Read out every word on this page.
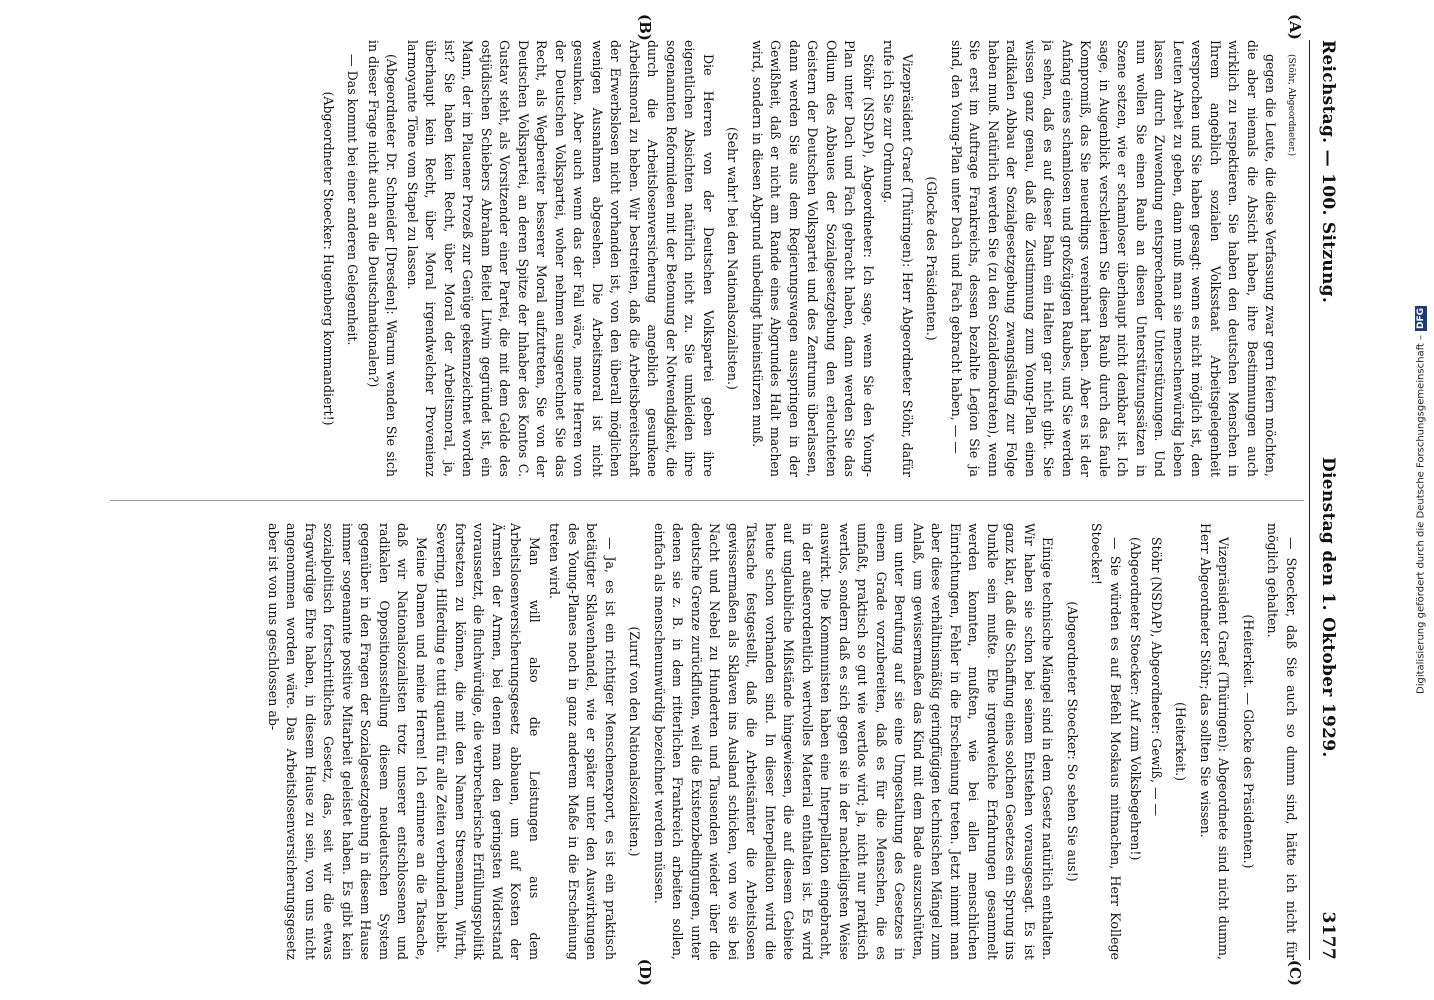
Reichstag. — 100. Sitzung.
Dienstag den 1. Oktober 1929.
3177
(A)
(B)
(C)
(D)

(Stöhr, Abgeordneter.)

gegen die Leute, die diese Verfassung zwar gern feiern möchten, die aber niemals die Absicht haben, ihre Bestimmungen auch wirklich zu respektieren. Sie haben den deutschen Menschen in Ihrem angeblich sozialen Volksstaat Arbeitsgelegenheit versprochen und Sie haben gesagt: wenn es nicht möglich ist, den Leuten Arbeit zu geben, dann muß man sie menschenwürdig leben lassen durch Zuwendung entsprechender Unterstützungen. Und nun wollen Sie einen Raub an diesen Unterstützungssätzen in Szene setzen, wie er schamloser überhaupt nicht denkbar ist. Ich sage, in Augenblick verschleiern Sie diesen Raub durch das faule Kompromiß, das Sie neuerdings vereinbart haben. Aber es ist der Anfang eines schamlosen und großzügigen Raubes, und Sie werden ja sehen, daß es auf dieser Bahn ein Halten gar nicht gibt. Sie wissen ganz genau, daß die Zustimmung zum Young-Plan einen radikalen Abbau der Sozialgesetzgebung zwangsläufig zur Folge haben muß. Natürlich werden Sie (zu den Sozialdemokraten), wenn Sie erst im Auftrage Frankreichs, dessen bezahlte Legion Sie ja sind, den Young-Plan unter Dach und Fach gebracht haben, — —

(Glocke des Präsidenten.)

Vizepräsident Graef (Thüringen): Herr Abgeordneter Stöhr, dafür rufe ich Sie zur Ordnung.

Stöhr (NSDAP), Abgeordneter: Ich sage, wenn Sie den Young-Plan unter Dach und Fach gebracht haben, dann werden Sie das Odium des Abbaues der Sozialgesetzgebung den erleuchteten Geistern der Deutschen Volkspartei und des Zentrums überlassen, dann werden Sie aus dem Regierungswagen ausspringen in der Gewißheit, daß er nicht am Rande eines Abgrundes Halt machen wird, sondern in diesen Abgrund unbedingt hineinstürzen muß.

(Sehr wahr! bei den Nationalsozialisten.)

Die Herren von der Deutschen Volkspartei geben ihre eigentlichen Absichten natürlich nicht zu. Sie umkleiden ihre sogenannten Reformideen mit der Betonung der Notwendigkeit, die durch die Arbeitslosenversicherung angeblich gesunkene Arbeitsmoral zu heben. Wir bestreiten, daß die Arbeitsbereitschaft der Erwerbslosen nicht vorhanden ist, von den überall möglichen wenigen Ausnahmen abgesehen. Die Arbeitsmoral ist nicht gesunken. Aber auch wenn das der Fall wäre, meine Herren von der Deutschen Volkspartei, woher nehmen ausgerechnet Sie das Recht, als Wegbereiter besserer Moral aufzutreten, Sie von der Deutschen Volkspartei, an deren Spitze der Inhaber des Kontos C. Gustav steht, als Vorsitzender einer Partei, die mit dem Gelde des ostjüdischen Schiebers Abraham Beitel Litwin gegründet ist, ein Mann, der im Plauener Prozeß zur Genüge gekennzeichnet worden ist? Sie haben kein Recht, über Moral der Arbeitsmoral, ja, überhaupt kein Recht, über Moral irgendwelcher Provenienz larmoyante Töne vom Stapel zu lassen.

(Abgeordneter Dr. Schneider [Dresden]: Warum wenden Sie sich in dieser Frage nicht auch an die Deutschnationalen?)

— Das kommt bei einer anderen Gelegenheit.

(Abgeordneter Stoecker: Hugenberg kommandiert!)

— Stoecker, daß Sie auch so dumm sind, hätte ich nicht für möglich gehalten.

(Heiterkeit. — Glocke des Präsidenten.)

Vizepräsident Graef (Thüringen): Abgeordnete sind nicht dumm, Herr Abgeordneter Stöhr; das sollten Sie wissen.

(Heiterkeit.)

Stöhr (NSDAP), Abgeordneter: Gewiß, — —

(Abgeordneter Stoecker: Auf zum Volksbegehren!)

— Sie würden es auf Befehl Moskaus mitmachen, Herr Kollege Stoecker!

(Abgeordneter Stoecker: So sehen Sie aus!)

Einige technische Mängel sind in dem Gesetz natürlich enthalten. Wir haben sie schon bei seinem Entstehen vorausgesagt. Es ist ganz klar, daß die Schaffung eines solchen Gesetzes ein Sprung ins Dunkle sein mußte. Ehe irgendwelche Erfahrungen gesammelt werden konnten, mußten, wie bei allen menschlichen Einrichtungen, Fehler in die Erscheinung treten. Jetzt nimmt man aber diese verhältnismäßig geringfügigen technischen Mängel zum Anlaß, um gewissermaßen das Kind mit dem Bade auszuschütten, um unter Berufung auf sie eine Umgestaltung des Gesetzes in einem Grade vorzubereiten, daß es für die Menschen, die es umfaßt, praktisch so gut wie wertlos wird; ja, nicht nur praktisch wertlos, sondern daß es sich gegen sie in der nachteiligsten Weise auswirkt. Die Kommunisten haben eine Interpellation eingebracht, in der außerordentlich wertvolles Material enthalten ist. Es wird auf unglaubliche Mißstände hingewiesen, die auf diesem Gebiete heute schon vorhanden sind. In dieser Interpellation wird die Tatsache festgestellt, daß die Arbeitsämter die Arbeitslosen gewissermaßen als Sklaven ins Ausland schicken, von wo sie bei Nacht und Nebel zu Hunderten und Tausenden wieder über die deutsche Grenze zurückfluten, weil die Existenzbedingungen, unter denen sie z. B. in dem ritterlichen Frankreich arbeiten sollen, einfach als menschenunwürdig bezeichnet werden müssen.

(Zuruf von den Nationalsozialisten.)

— Ja, es ist ein richtiger Menschenexport, es ist ein praktisch betätigter Sklavenhandel, wie er später unter den Auswirkungen des Young-Planes noch in ganz anderem Maße in die Erscheinung treten wird.

Man will also die Leistungen aus dem Arbeitslosenversicherungsgesetz abbauen, um auf Kosten der Ärmsten der Armen, bei denen man den geringsten Widerstand voraussetzt, die fluchwürdige, die verbrecherische Erfüllungspolitik fortsetzen zu können, die mit den Namen Stresemann, Wirth, Severing, Hilferding e tutti quanti für alle Zeiten verbunden bleibt.

Meine Damen und meine Herren! Ich erinnere an die Tatsache, daß wir Nationalsozialisten trotz unserer entschlossenen und radikalen Oppositionsstellung diesem neudeutschen System gegenüber in den Fragen der Sozialgesetzgebung in diesem Hause immer sogenannte positive Mitarbeit geleistet haben. Es gibt kein sozialpolitisch fortschrittliches Gesetz, das, seit wir die etwas fragwürdige Ehre haben, in diesem Hause zu sein, von uns nicht angenommen worden wäre. Das Arbeitslosenversicherungsgesetz aber ist von uns geschlossen ab-	Digitalisierung gefördert durch die Deutsche Forschungsgemeinschaft –
DFG
